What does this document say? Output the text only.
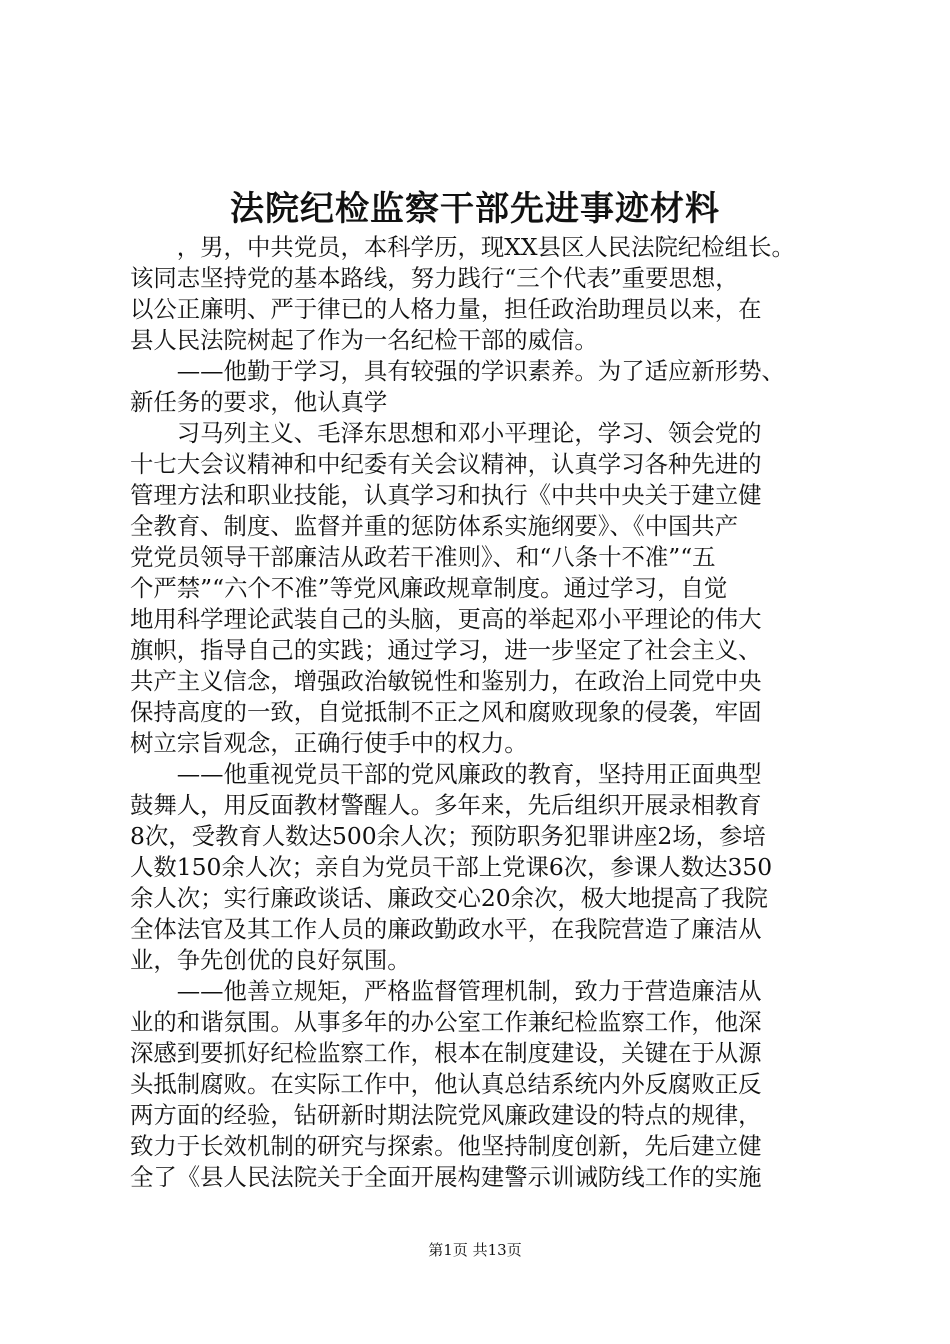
法院纪检监察干部先进事迹材料
　　，男，中共党员，本科学历，现XX县区人民法院纪检组长。
该同志坚持党的基本路线，努力践行“三个代表”重要思想，
以公正廉明、严于律已的人格力量，担任政治助理员以来，在
县人民法院树起了作为一名纪检干部的威信。
　　——他勤于学习，具有较强的学识素养。为了适应新形势、
新任务的要求，他认真学
　　习马列主义、毛泽东思想和邓小平理论，学习、领会党的
十七大会议精神和中纪委有关会议精神，认真学习各种先进的
管理方法和职业技能，认真学习和执行《中共中央关于建立健
全教育、制度、监督并重的惩防体系实施纲要》、《中国共产
党党员领导干部廉洁从政若干准则》、和“八条十不准”“五
个严禁”“六个不准”等党风廉政规章制度。通过学习，自觉
地用科学理论武装自己的头脑，更高的举起邓小平理论的伟大
旗帜，指导自己的实践；通过学习，进一步坚定了社会主义、
共产主义信念，增强政治敏锐性和鉴别力，在政治上同党中央
保持高度的一致，自觉抵制不正之风和腐败现象的侵袭，牢固
树立宗旨观念，正确行使手中的权力。
　　——他重视党员干部的党风廉政的教育，坚持用正面典型
鼓舞人，用反面教材警醒人。多年来，先后组织开展录相教育
8次，受教育人数达500余人次；预防职务犯罪讲座2场，参培
人数150余人次；亲自为党员干部上党课6次，参课人数达350
余人次；实行廉政谈话、廉政交心20余次，极大地提高了我院
全体法官及其工作人员的廉政勤政水平，在我院营造了廉洁从
业，争先创优的良好氛围。
　　——他善立规矩，严格监督管理机制，致力于营造廉洁从
业的和谐氛围。从事多年的办公室工作兼纪检监察工作，他深
深感到要抓好纪检监察工作，根本在制度建设，关键在于从源
头抵制腐败。在实际工作中，他认真总结系统内外反腐败正反
两方面的经验，钻研新时期法院党风廉政建设的特点的规律，
致力于长效机制的研究与探索。他坚持制度创新，先后建立健
全了《县人民法院关于全面开展构建警示训诫防线工作的实施
第1页 共13页
